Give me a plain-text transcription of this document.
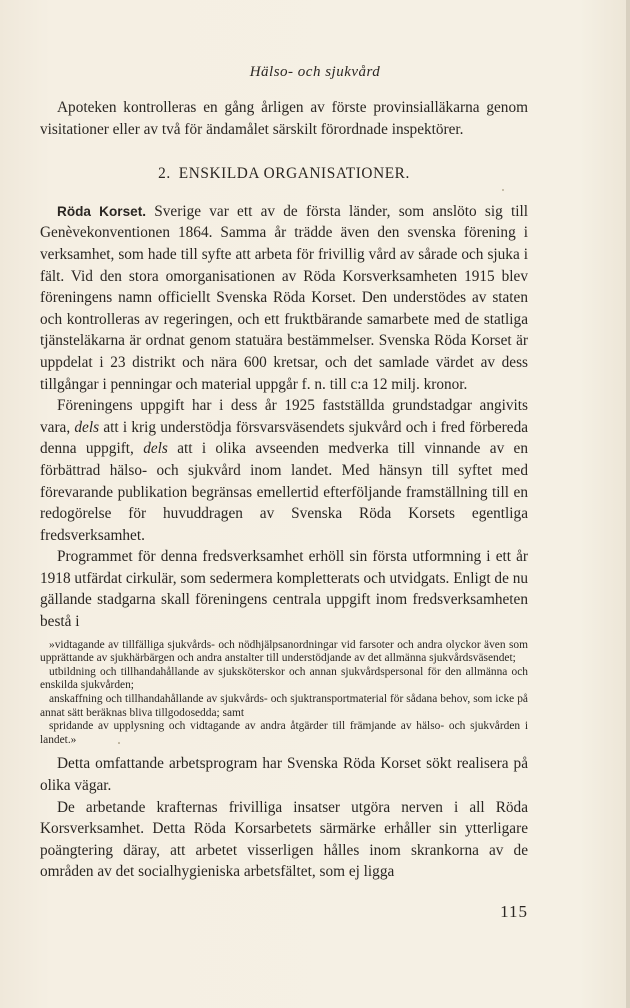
Hälso- och sjukvård

Apoteken kontrolleras en gång årligen av förste provinsialläkarna genom visitationer eller av två för ändamålet särskilt förordnade inspektörer.

2. ENSKILDA ORGANISATIONER.

Röda Korset. Sverige var ett av de första länder, som anslöto sig till Genèvekonventionen 1864. Samma år trädde även den svenska förening i verksamhet, som hade till syfte att arbeta för frivillig vård av sårade och sjuka i fält. Vid den stora omorganisationen av Röda Korsverksamheten 1915 blev föreningens namn officiellt Svenska Röda Korset. Den understödes av staten och kontrolleras av regeringen, och ett fruktbärande samarbete med de statliga tjänsteläkarna är ordnat genom statuära bestämmelser. Svenska Röda Korset är uppdelat i 23 distrikt och nära 600 kretsar, och det samlade värdet av dess tillgångar i penningar och material uppgår f. n. till c:a 12 milj. kronor.

Föreningens uppgift har i dess år 1925 fastställda grundstadgar angivits vara, dels att i krig understödja försvarsväsendets sjukvård och i fred förbereda denna uppgift, dels att i olika avseenden medverka till vinnande av en förbättrad hälso- och sjukvård inom landet. Med hänsyn till syftet med förevarande publikation begränsas emellertid efterföljande framställning till en redogörelse för huvuddragen av Svenska Röda Korsets egentliga fredsverksamhet.

Programmet för denna fredsverksamhet erhöll sin första utformning i ett år 1918 utfärdat cirkulär, som sedermera kompletterats och utvidgats. Enligt de nu gällande stadgarna skall föreningens centrala uppgift inom fredsverksamheten bestå i

»vidtagande av tillfälliga sjukvårds- och nödhjälpsanordningar vid farsoter och andra olyckor även som upprättande av sjukhärbärgen och andra anstalter till understödjande av det allmänna sjukvårdsväsendet;

utbildning och tillhandahållande av sjuksköterskor och annan sjukvårdspersonal för den allmänna och enskilda sjukvården;

anskaffning och tillhandahållande av sjukvårds- och sjuktransportmaterial för sådana behov, som icke på annat sätt beräknas bliva tillgodosedda; samt

spridande av upplysning och vidtagande av andra åtgärder till främjande av hälso- och sjukvården i landet.»

Detta omfattande arbetsprogram har Svenska Röda Korset sökt realisera på olika vägar.

De arbetande krafternas frivilliga insatser utgöra nerven i all Röda Korsverksamhet. Detta Röda Korsarbetets särmärke erhåller sin ytterligare poängtering däray, att arbetet visserligen hålles inom skrankorna av de områden av det socialhygieniska arbetsfältet, som ej ligga

115
